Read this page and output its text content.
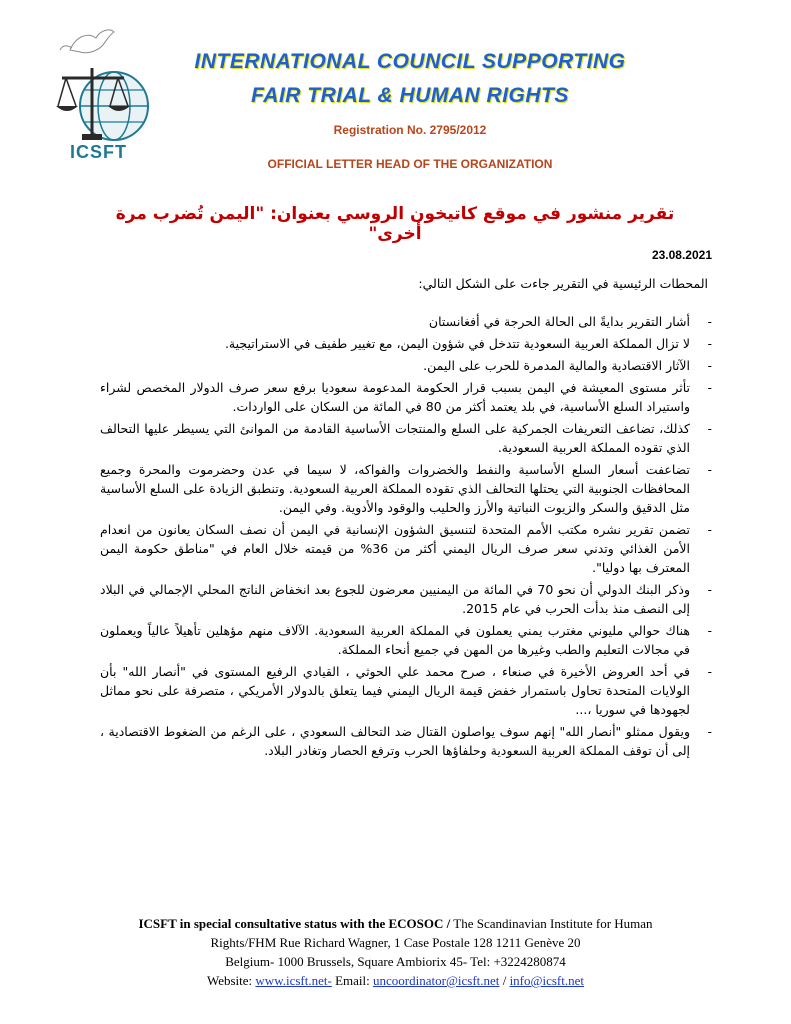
ICSFT
INTERNATIONAL COUNCIL SUPPORTING
FAIR TRIAL & HUMAN RIGHTS
Registration No. 2795/2012
OFFICIAL LETTER HEAD OF THE ORGANIZATION
تقرير منشور في موقع كاتيخون الروسي بعنوان: "اليمن تُضرب مرة أخرى"
23.08.2021
المحطات الرئيسية في التقرير جاءت على الشكل التالي:
-
أشار التقرير بدايةً الى الحالة الحرجة في أفغانستان
-
لا تزال المملكة العربية السعودية تتدخل في شؤون اليمن، مع تغيير طفيف في الاستراتيجية.
-
الآثار الاقتصادية والمالية المدمرة للحرب على اليمن.
-
تأثر مستوى المعيشة في اليمن بسبب قرار الحكومة المدعومة سعوديا برفع سعر صرف الدولار المخصص لشراء واستيراد السلع الأساسية، في بلد يعتمد أكثر من 80 في المائة من السكان على الواردات.
-
كذلك، تضاعف التعريفات الجمركية على السلع والمنتجات الأساسية القادمة من الموانئ التي يسيطر عليها التحالف الذي تقوده المملكة العربية السعودية.
-
تضاعفت أسعار السلع الأساسية والنفط والخضروات والفواكه، لا سيما في عدن وحضرموت والمحرة وجميع المحافظات الجنوبية التي يحتلها التحالف الذي تقوده المملكة العربية السعودية. وتنطبق الزيادة على السلع الأساسية مثل الدقيق والسكر والزيوت النباتية والأرز والحليب والوقود والأدوية. وفي اليمن.
-
تضمن تقرير نشره مكتب الأمم المتحدة لتنسيق الشؤون الإنسانية في اليمن أن نصف السكان يعانون من انعدام الأمن الغذائي وتدني سعر صرف الريال اليمني أكثر من 36% من قيمته خلال العام في "مناطق حكومة اليمن المعترف بها دوليا".
-
وذكر البنك الدولي أن نحو 70 في المائة من اليمنيين معرضون للجوع بعد انخفاض الناتج المحلي الإجمالي في البلاد إلى النصف منذ بدأت الحرب في عام 2015.
-
هناك حوالي مليوني مغترب يمني يعملون في المملكة العربية السعودية. الآلاف منهم مؤهلين تأهيلاً عالياً ويعملون في مجالات التعليم والطب وغيرها من المهن في جميع أنحاء المملكة.
-
في أحد العروض الأخيرة في صنعاء ، صرح محمد علي الحوثي ، القيادي الرفيع المستوى في "أنصار الله" بأن الولايات المتحدة تحاول باستمرار خفض قيمة الريال اليمني فيما يتعلق بالدولار الأمريكي ، متصرفة على نحو مماثل لجهودها في سوريا ،...
-
ويقول ممثلو "أنصار الله" إنهم سوف يواصلون القتال ضد التحالف السعودي ، على الرغم من الضغوط الاقتصادية ، إلى أن توقف المملكة العربية السعودية وحلفاؤها الحرب وترفع الحصار وتغادر البلاد.
ICSFT in special consultative status with the ECOSOC / The Scandinavian Institute for Human
Rights/FHM Rue Richard Wagner, 1 Case Postale 128 1211 Genève 20
Belgium- 1000 Brussels, Square Ambiorix 45- Tel: +3224280874
Website: www.icsft.net- Email: uncoordinator@icsft.net / info@icsft.net
